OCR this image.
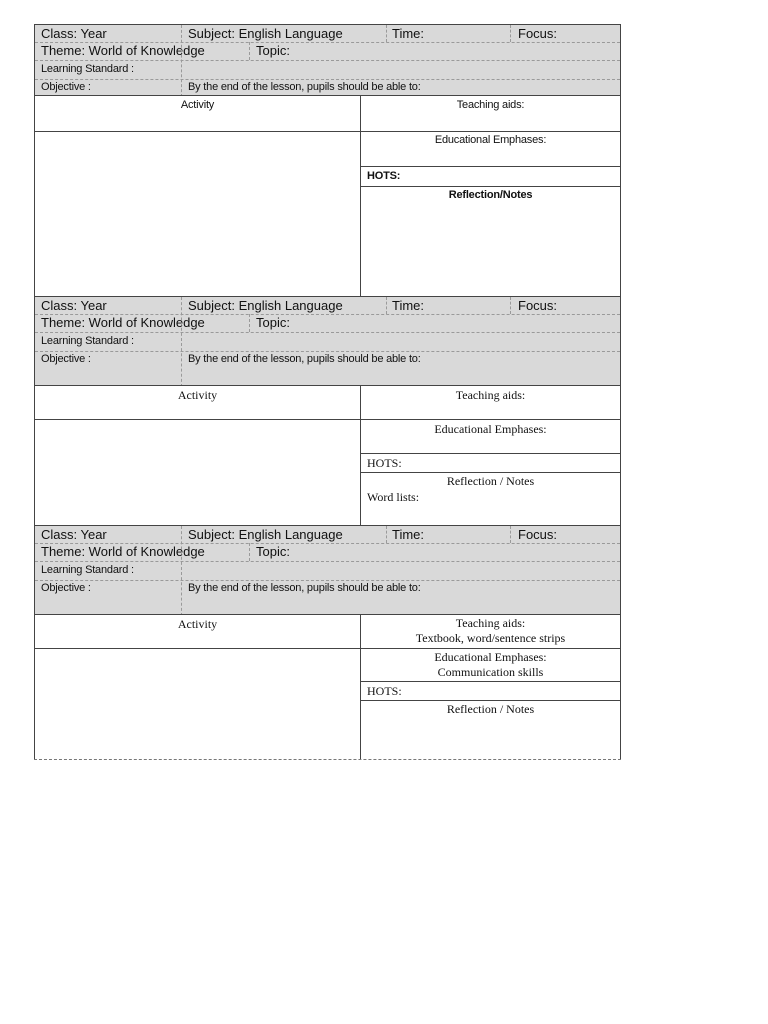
Class: Year	Subject: English Language	Time:	Focus:
Theme: World of Knowledge	Topic:
Learning Standard :
Objective :	By the end of the lesson, pupils should be able to:
Activity	Teaching aids:
Educational Emphases:
HOTS:
Reflection/Notes
Class: Year	Subject: English Language	Time:	Focus:
Theme: World of Knowledge	Topic:
Learning Standard :
Objective :	By the end of the lesson, pupils should be able to:
Activity	Teaching aids:
Educational Emphases:
HOTS:
Reflection / Notes
Word lists:
Class: Year	Subject: English Language	Time:	Focus:
Theme: World of Knowledge	Topic:
Learning Standard :
Objective :	By the end of the lesson, pupils should be able to:
Activity	Teaching aids:
Textbook, word/sentence strips
Educational Emphases:
Communication skills
HOTS:
Reflection / Notes
